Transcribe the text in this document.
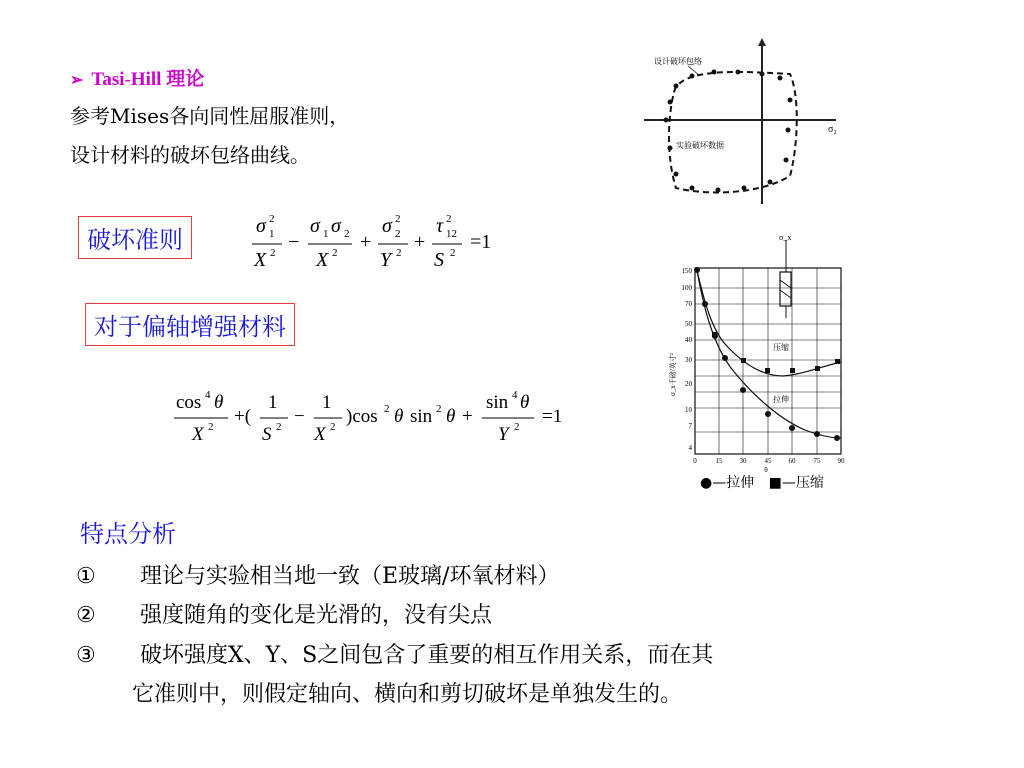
➢ Tasi-Hill 理论
参考Mises各向同性屈服准则，
设计材料的破坏包络曲线。
破坏准则
对于偏轴增强材料
σ 1
2
X 2 −
σ 1 σ 2
X 2 +
σ 2
2
Y 2 +
τ 12
2
S 2 =1
cos 4 θ
X 2 +(
1
S 2 −
1
X 2 )cos 2 θ sin 2 θ +
sin 4 θ
Y 2 =1
σ₂
设计破坏包络
实验破坏数据
σ_x
150
100
70
50
40
30
20
10
7
4
0	15 30	45 60	75 90
θ
σ_x千磅/英寸²
压缩
拉伸
●—拉伸 ■—压缩
特点分析
① 理论与实验相当地一致（E玻璃/环氧材料）
② 强度随角的变化是光滑的，没有尖点
③ 破坏强度X、Y、S之间包含了重要的相互作用关系，而在其
它准则中，则假定轴向、横向和剪切破坏是单独发生的。
